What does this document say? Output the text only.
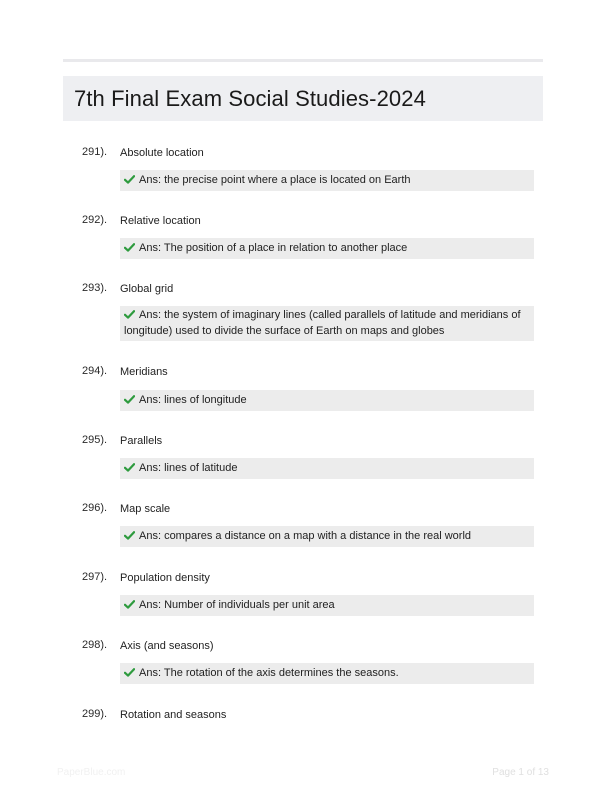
7th Final Exam Social Studies-2024
291). Absolute location
Ans: the precise point where a place is located on Earth
292). Relative location
Ans: The position of a place in relation to another place
293). Global grid
Ans: the system of imaginary lines (called parallels of latitude and meridians of longitude) used to divide the surface of Earth on maps and globes
294). Meridians
Ans: lines of longitude
295). Parallels
Ans: lines of latitude
296). Map scale
Ans: compares a distance on a map with a distance in the real world
297). Population density
Ans: Number of individuals per unit area
298). Axis (and seasons)
Ans: The rotation of the axis determines the seasons.
299). Rotation and seasons
PaperBlue.com	Page 1 of 13
